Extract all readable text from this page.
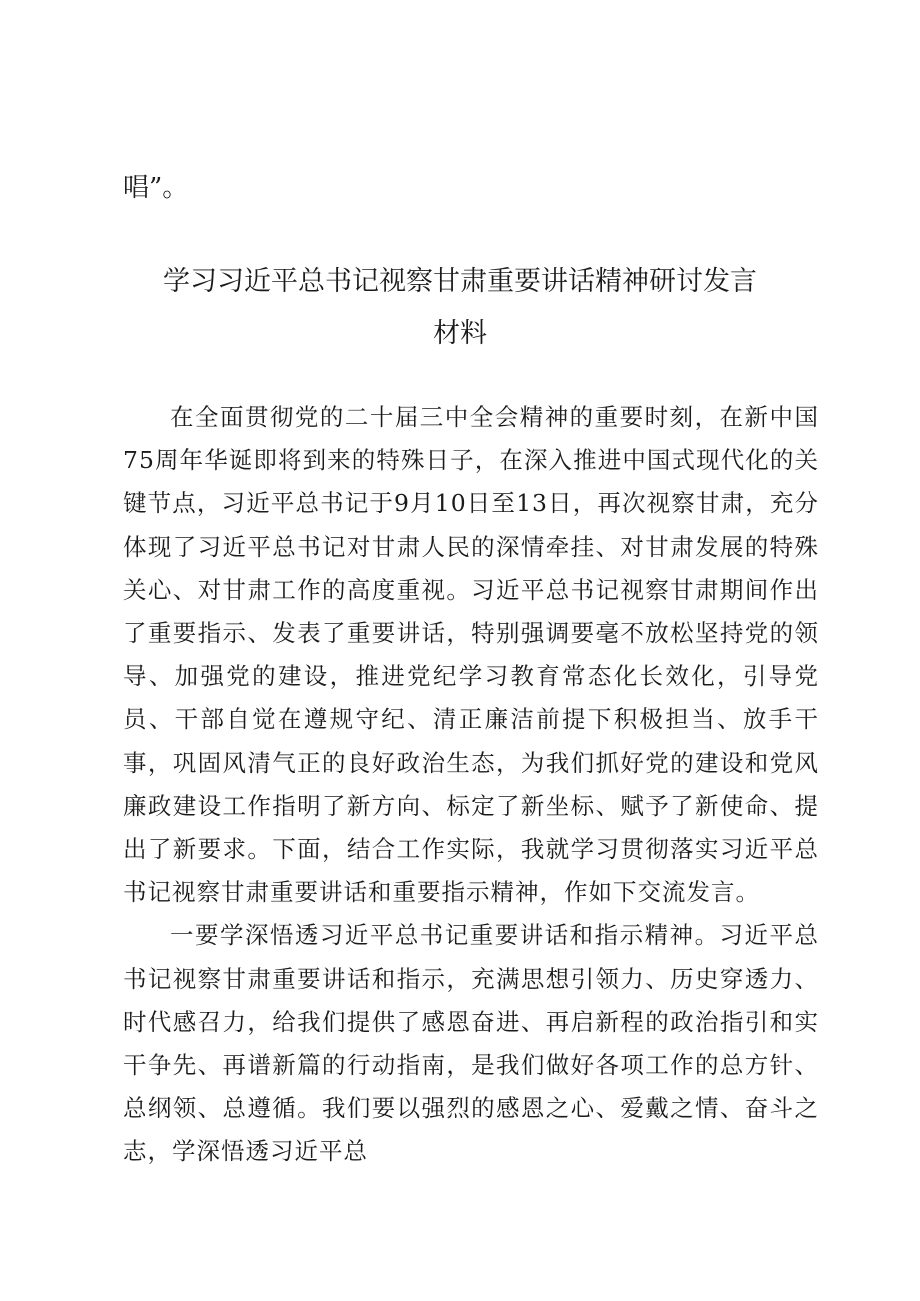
唱”。
学习习近平总书记视察甘肃重要讲话精神研讨发言
材料

在全面贯彻党的二十届三中全会精神的重要时刻，在新中国75周年华诞即将到来的特殊日子，在深入推进中国式现代化的关键节点，习近平总书记于9月10日至13日，再次视察甘肃，充分体现了习近平总书记对甘肃人民的深情牵挂、对甘肃发展的特殊关心、对甘肃工作的高度重视。习近平总书记视察甘肃期间作出了重要指示、发表了重要讲话，特别强调要毫不放松坚持党的领导、加强党的建设，推进党纪学习教育常态化长效化，引导党员、干部自觉在遵规守纪、清正廉洁前提下积极担当、放手干事，巩固风清气正的良好政治生态，为我们抓好党的建设和党风廉政建设工作指明了新方向、标定了新坐标、赋予了新使命、提出了新要求。下面，结合工作实际，我就学习贯彻落实习近平总书记视察甘肃重要讲话和重要指示精神，作如下交流发言。

一要学深悟透习近平总书记重要讲话和指示精神。习近平总书记视察甘肃重要讲话和指示，充满思想引领力、历史穿透力、时代感召力，给我们提供了感恩奋进、再启新程的政治指引和实干争先、再谱新篇的行动指南，是我们做好各项工作的总方针、总纲领、总遵循。我们要以强烈的感恩之心、爱戴之情、奋斗之志，学深悟透习近平总
